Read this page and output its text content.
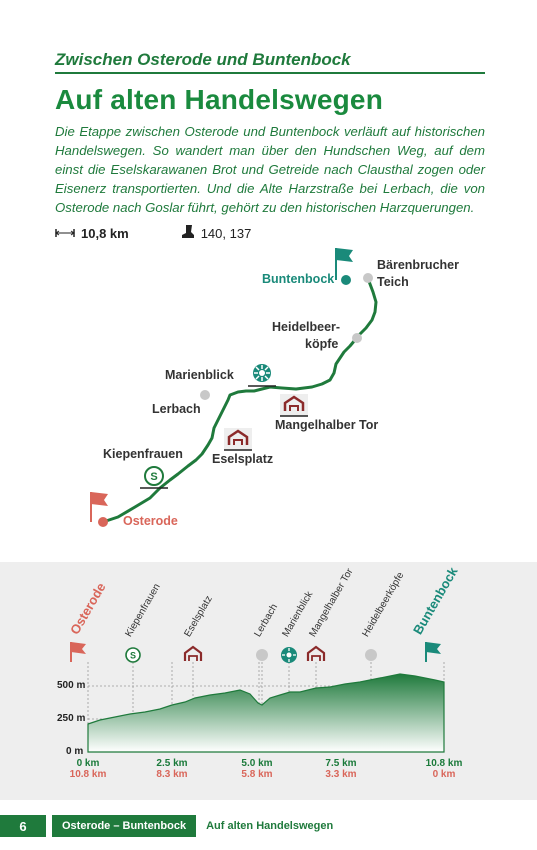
Zwischen Osterode und Buntenbock
Auf alten Handelswegen
Die Etappe zwischen Osterode und Buntenbock verläuft auf historischen Handelswegen. So wandert man über den Hundschen Weg, auf dem einst die Eselskarawanen Brot und Getreide nach Clausthal zogen oder Eisenerz transportierten. Und die Alte Harzstraße bei Lerbach, die von Osterode nach Goslar führt, gehört zu den historischen Harzquerungen.
10,8 km	140, 137
S
Buntenbock
Bärenbrucher
Teich
Heidelbeer-
köpfe
Marienblick
Lerbach
Mangelhalber Tor
Kiepenfrauen Eselsplatz
Osterode
S
Osterode Kiepenfrauen Eselsplatz	Lerbach Marienblick
Mangelhalber Tor Heidelbeerköpfe Buntenbock
500 m
250 m
0 m
0 km
10.8 km
2.5 km
8.3 km
5.0 km
5.8 km
7.5 km
3.3 km
10.8 km
0 km
6	Osterode – Buntenbock	Auf alten Handelswegen
